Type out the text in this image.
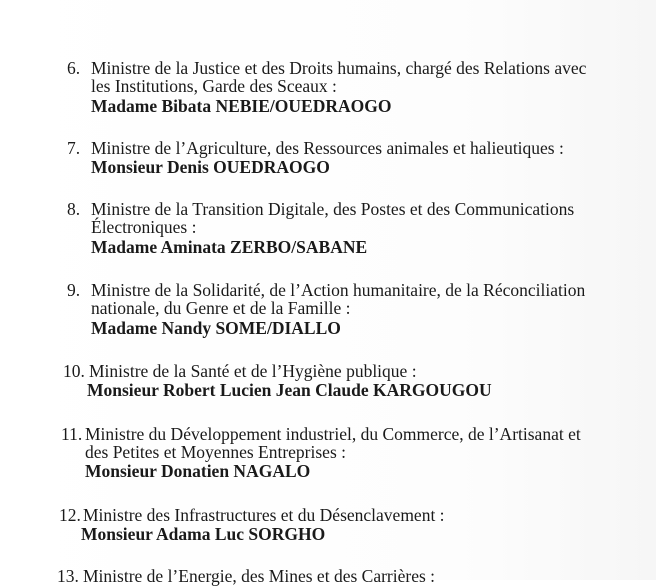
6. Ministre de la Justice et des Droits humains, chargé des Relations avec
les Institutions, Garde des Sceaux :
Madame Bibata NEBIE/OUEDRAOGO
7. Ministre de l’Agriculture, des Ressources animales et halieutiques :
Monsieur Denis OUEDRAOGO
8. Ministre de la Transition Digitale, des Postes et des Communications
Électroniques :
Madame Aminata ZERBO/SABANE
9. Ministre de la Solidarité, de l’Action humanitaire, de la Réconciliation
nationale, du Genre et de la Famille :
Madame Nandy SOME/DIALLO
10. Ministre de la Santé et de l’Hygiène publique :
Monsieur Robert Lucien Jean Claude KARGOUGOU
11. Ministre du Développement industriel, du Commerce, de l’Artisanat et
des Petites et Moyennes Entreprises :
Monsieur Donatien NAGALO
12. Ministre des Infrastructures et du Désenclavement :
Monsieur Adama Luc SORGHO
13. Ministre de l’Energie, des Mines et des Carrières :
